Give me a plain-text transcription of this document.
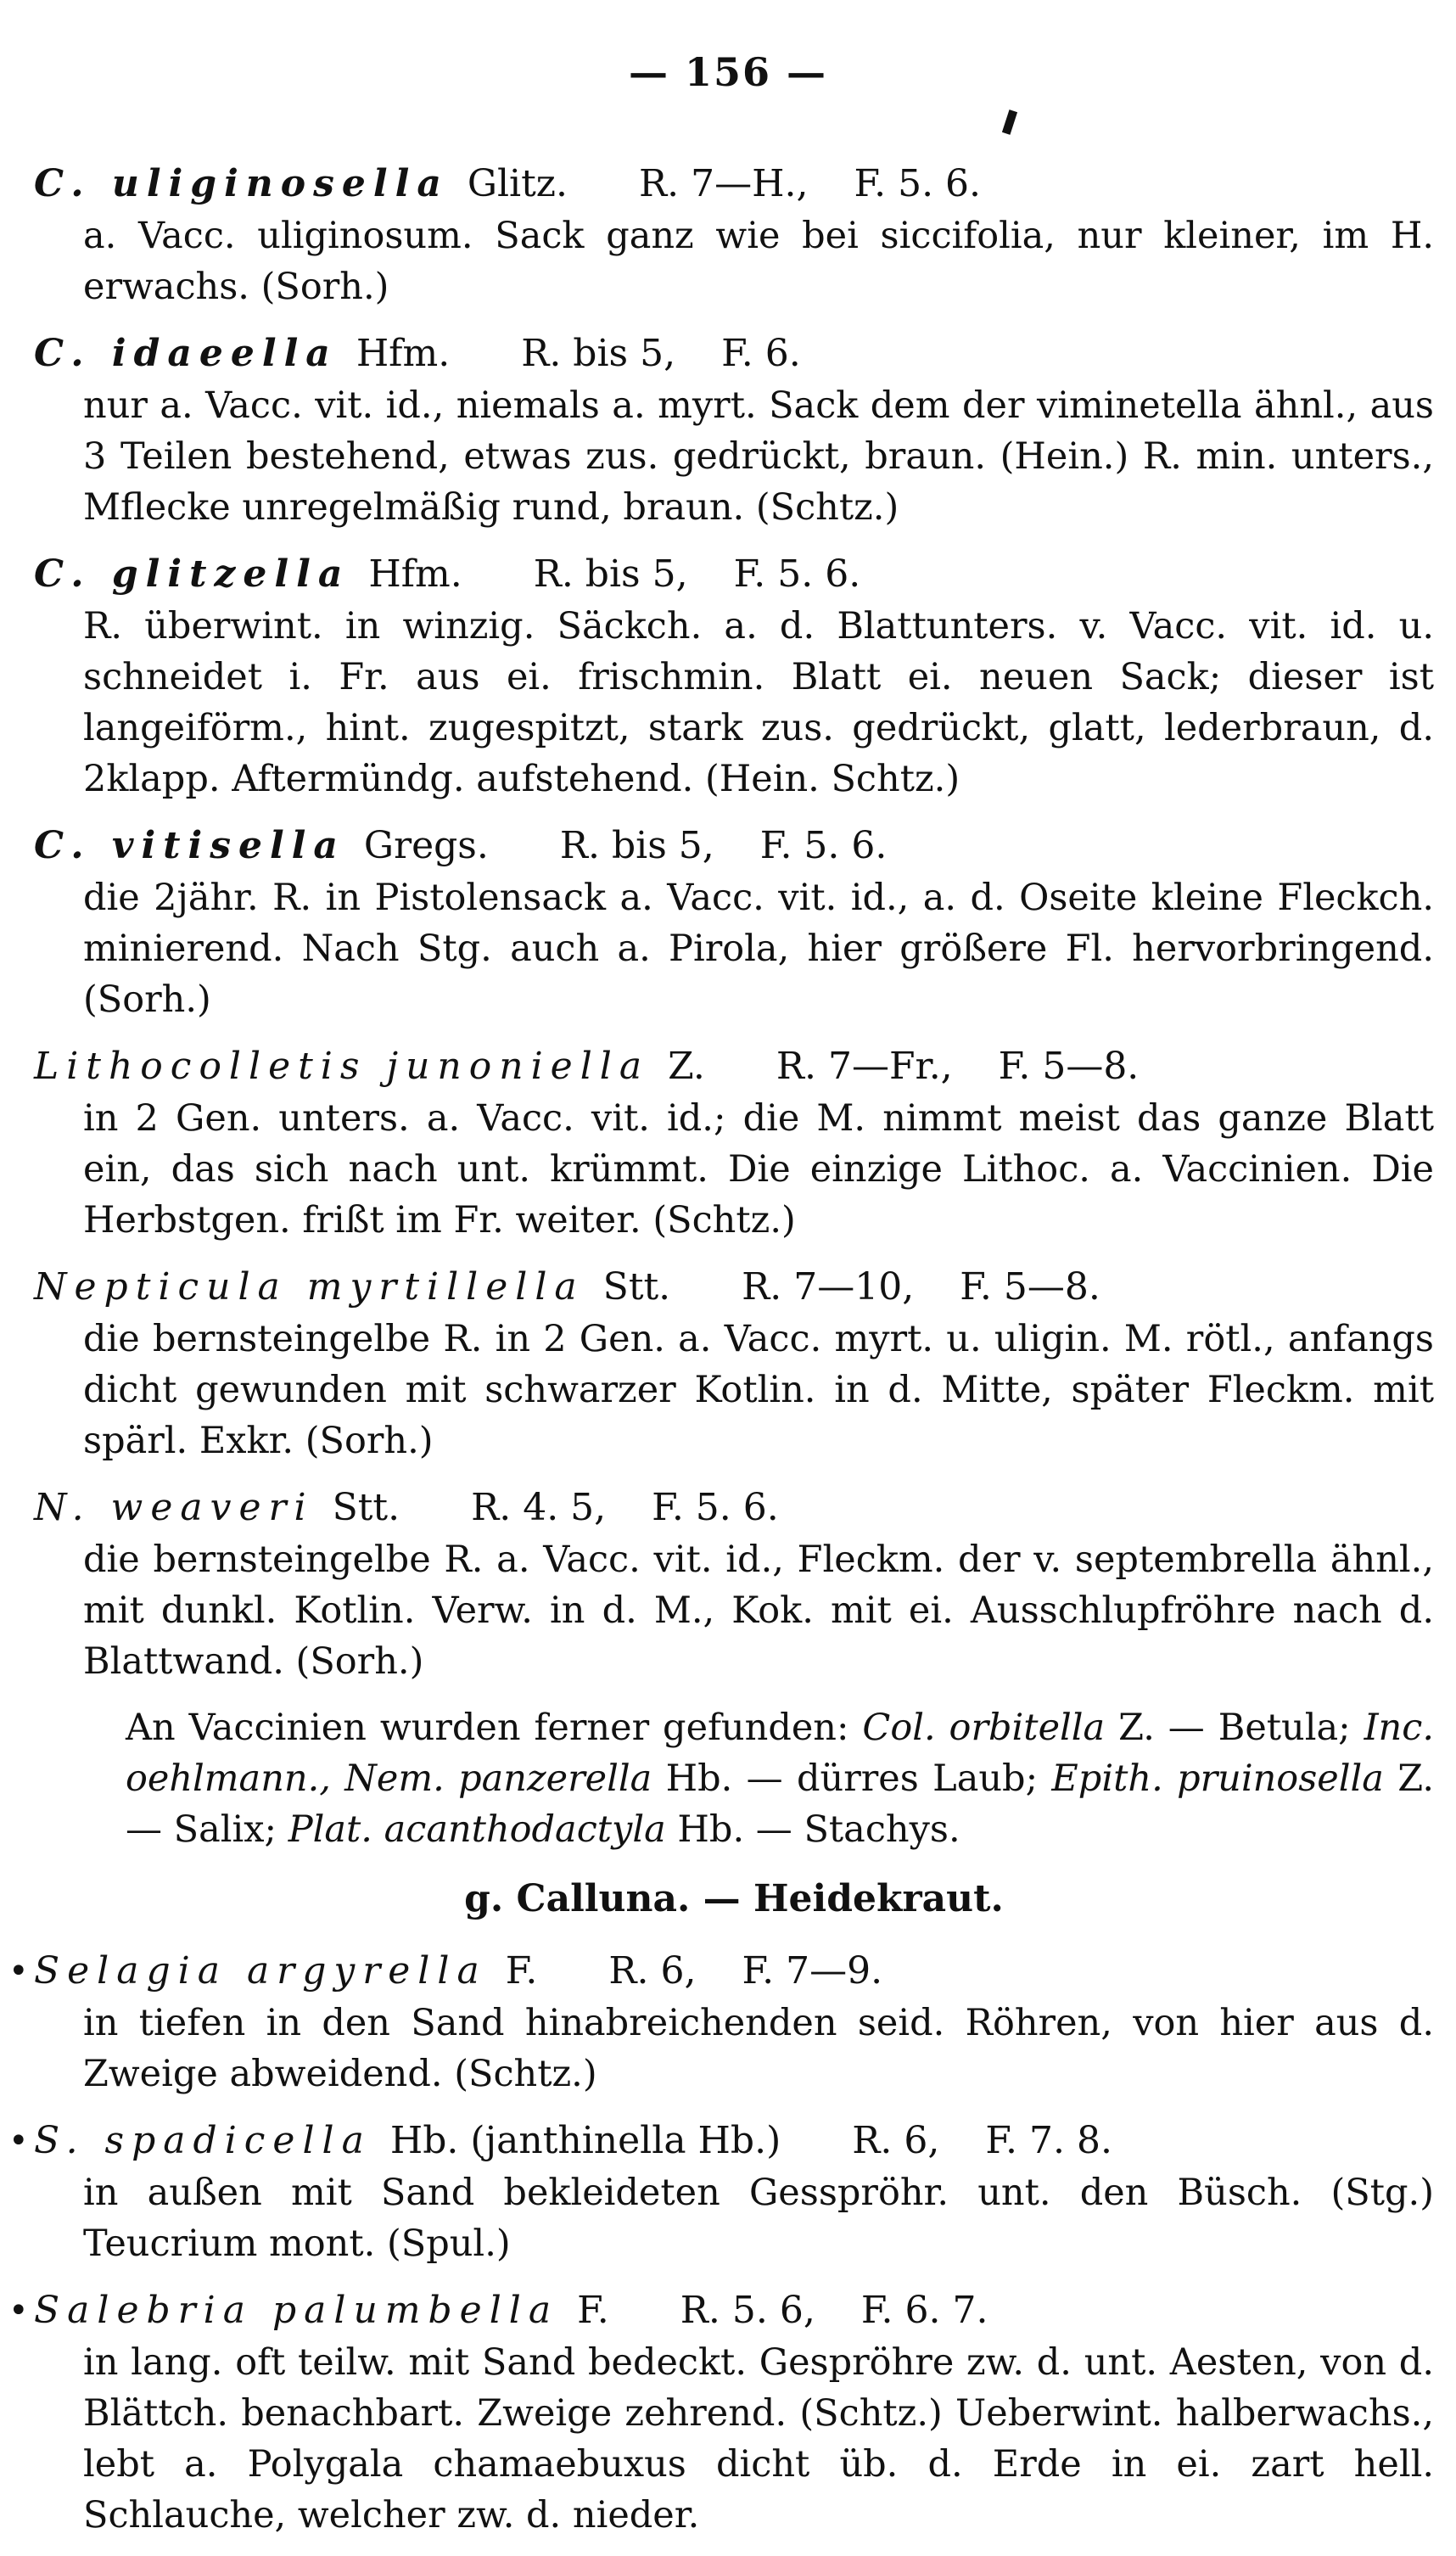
— 156 —
C. uliginosella Glitz. R. 7—H., F. 5. 6.
a. Vacc. uliginosum. Sack ganz wie bei siccifolia, nur kleiner, im H. erwachs. (Sorh.)
C. idaeella Hfm. R. bis 5, F. 6.
nur a. Vacc. vit. id., niemals a. myrt. Sack dem der viminetella ähnl., aus 3 Teilen bestehend, etwas zus. gedrückt, braun. (Hein.) R. min. unters., Mflecke unregelmäßig rund, braun. (Schtz.)
C. glitzella Hfm. R. bis 5, F. 5. 6.
R. überwint. in winzig. Säckch. a. d. Blattunters. v. Vacc. vit. id. u. schneidet i. Fr. aus ei. frischmin. Blatt ei. neuen Sack; dieser ist langeiförm., hint. zugespitzt, stark zus. gedrückt, glatt, lederbraun, d. 2klapp. Aftermündg. aufstehend. (Hein. Schtz.)
C. vitisella Gregs. R. bis 5, F. 5. 6.
die 2jähr. R. in Pistolensack a. Vacc. vit. id., a. d. Oseite kleine Fleckch. minierend. Nach Stg. auch a. Pirola, hier größere Fl. hervorbringend. (Sorh.)
Lithocolletis junoniella Z. R. 7—Fr., F. 5—8.
in 2 Gen. unters. a. Vacc. vit. id.; die M. nimmt meist das ganze Blatt ein, das sich nach unt. krümmt. Die einzige Lithoc. a. Vaccinien. Die Herbstgen. frißt im Fr. weiter. (Schtz.)
Nepticula myrtillella Stt. R. 7—10, F. 5—8.
die bernsteingelbe R. in 2 Gen. a. Vacc. myrt. u. uligin. M. rötl., anfangs dicht gewunden mit schwarzer Kotlin. in d. Mitte, später Fleckm. mit spärl. Exkr. (Sorh.)
N. weaveri Stt. R. 4. 5, F. 5. 6.
die bernsteingelbe R. a. Vacc. vit. id., Fleckm. der v. septembrella ähnl., mit dunkl. Kotlin. Verw. in d. M., Kok. mit ei. Ausschlupfröhre nach d. Blattwand. (Sorh.)
An Vaccinien wurden ferner gefunden: Col. orbitella Z. — Betula; Inc. oehlmann., Nem. panzerella Hb. — dürres Laub; Epith. pruinosella Z. — Salix; Plat. acanthodactyla Hb. — Stachys.
g. Calluna. — Heidekraut.
• Selagia argyrella F. R. 6, F. 7—9.
in tiefen in den Sand hinabreichenden seid. Röhren, von hier aus d. Zweige abweidend. (Schtz.)
• S. spadicella Hb. (janthinella Hb.) R. 6, F. 7. 8.
in außen mit Sand bekleideten Gesspröhr. unt. den Büsch. (Stg.) Teucrium mont. (Spul.)
• Salebria palumbella F. R. 5. 6, F. 6. 7.
in lang. oft teilw. mit Sand bedeckt. Gespröhre zw. d. unt. Aesten, von d. Blättch. benachbart. Zweige zehrend. (Schtz.) Ueberwint. halberwachs., lebt a. Polygala chamaebuxus dicht üb. d. Erde in ei. zart hell. Schlauche, welcher zw. d. nieder.
